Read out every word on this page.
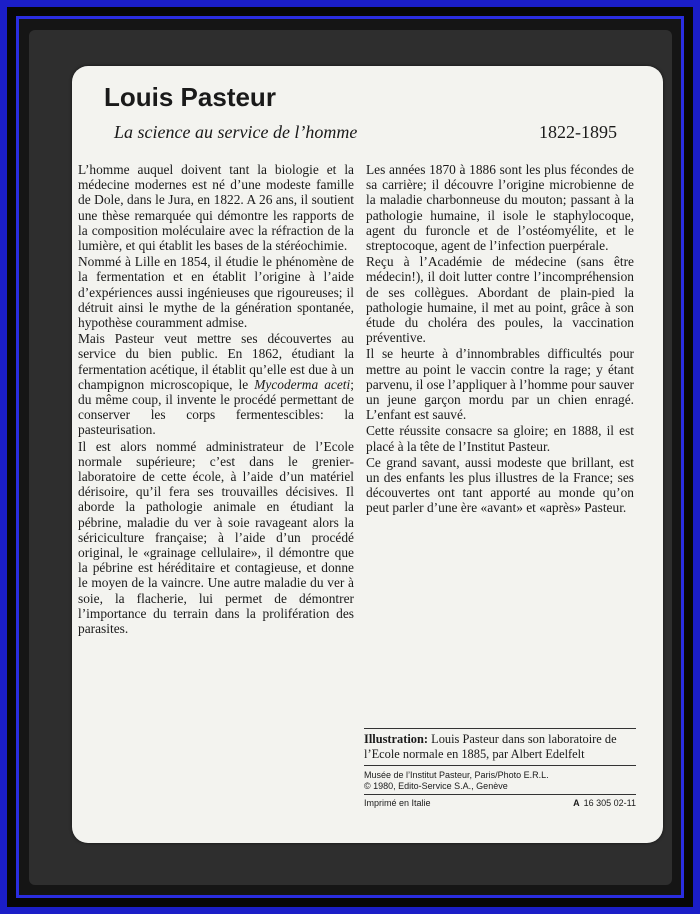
Louis Pasteur

La science au service de l’homme	1822-1895

L’homme auquel doivent tant la biologie et la médecine modernes est né d’une modeste famille de Dole, dans le Jura, en 1822. A 26 ans, il soutient une thèse remarquée qui démontre les rapports de la composition moléculaire avec la réfraction de la lumière, et qui établit les bases de la stéréochimie.

Nommé à Lille en 1854, il étudie le phénomène de la fermentation et en établit l’origine à l’aide d’expériences aussi ingénieuses que rigoureuses; il détruit ainsi le mythe de la génération spontanée, hypothèse couramment admise.

Mais Pasteur veut mettre ses découvertes au service du bien public. En 1862, étudiant la fermentation acétique, il établit qu’elle est due à un champignon microscopique, le Mycoderma aceti; du même coup, il invente le procédé permettant de conserver les corps fermentescibles: la pasteurisation.

Il est alors nommé administrateur de l’Ecole normale supérieure; c’est dans le grenier-laboratoire de cette école, à l’aide d’un matériel dérisoire, qu’il fera ses trouvailles décisives. Il aborde la pathologie animale en étudiant la pébrine, maladie du ver à soie ravageant alors la sériciculture française; à l’aide d’un procédé original, le «grainage cellulaire», il démontre que la pébrine est héréditaire et contagieuse, et donne le moyen de la vaincre. Une autre maladie du ver à soie, la flacherie, lui permet de démontrer l’importance du terrain dans la prolifération des parasites.

Les années 1870 à 1886 sont les plus fécondes de sa carrière; il découvre l’origine microbienne de la maladie charbonneuse du mouton; passant à la pathologie humaine, il isole le staphylocoque, agent du furoncle et de l’ostéomyélite, et le streptocoque, agent de l’infection puerpérale.

Reçu à l’Académie de médecine (sans être médecin!), il doit lutter contre l’incompréhension de ses collègues. Abordant de plain-pied la pathologie humaine, il met au point, grâce à son étude du choléra des poules, la vaccination préventive.

Il se heurte à d’innombrables difficultés pour mettre au point le vaccin contre la rage; y étant parvenu, il ose l’appliquer à l’homme pour sauver un jeune garçon mordu par un chien enragé. L’enfant est sauvé.

Cette réussite consacre sa gloire; en 1888, il est placé à la tête de l’Institut Pasteur.

Ce grand savant, aussi modeste que brillant, est un des enfants les plus illustres de la France; ses découvertes ont tant apporté au monde qu’on peut parler d’une ère «avant» et «après» Pasteur.

Illustration: Louis Pasteur dans son laboratoire de l’Ecole normale en 1885, par Albert Edelfelt
Musée de l’Institut Pasteur, Paris/Photo E.R.L.
© 1980, Edito-Service S.A., Genève
Imprimé en Italie	A 16 305 02-11
